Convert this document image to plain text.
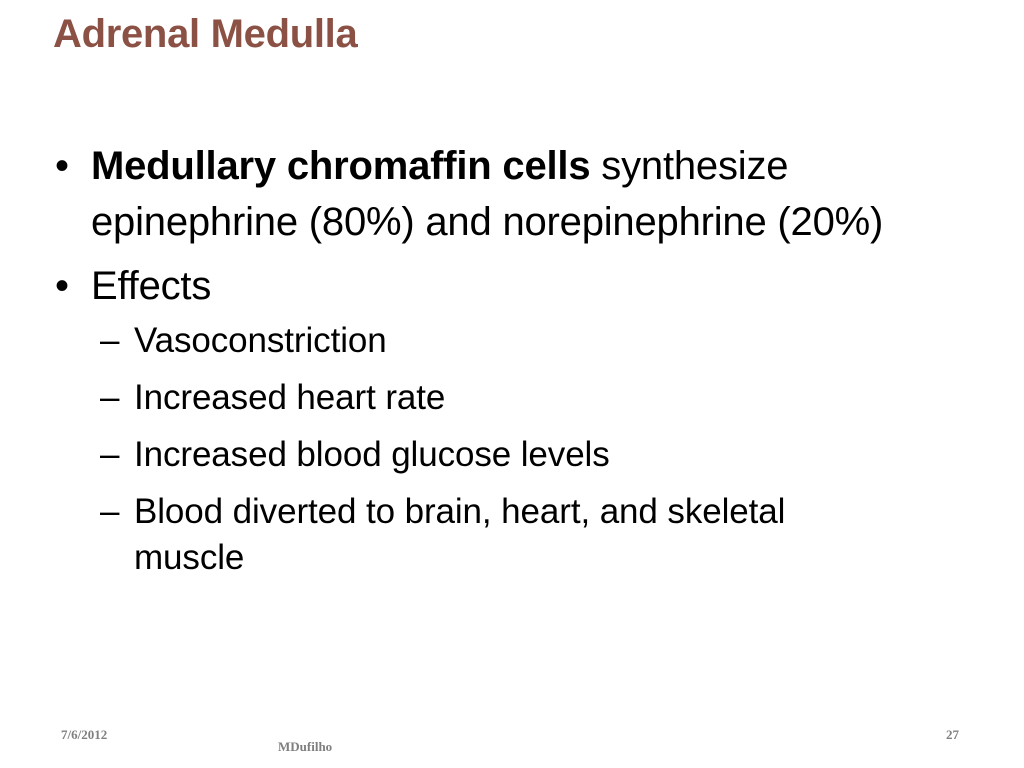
Adrenal Medulla
• Medullary chromaffin cells synthesize epinephrine (80%) and norepinephrine (20%)
• Effects
– Vasoconstriction
– Increased heart rate
– Increased blood glucose levels
– Blood diverted to brain, heart, and skeletal muscle
7/6/2012
MDufilho
27
